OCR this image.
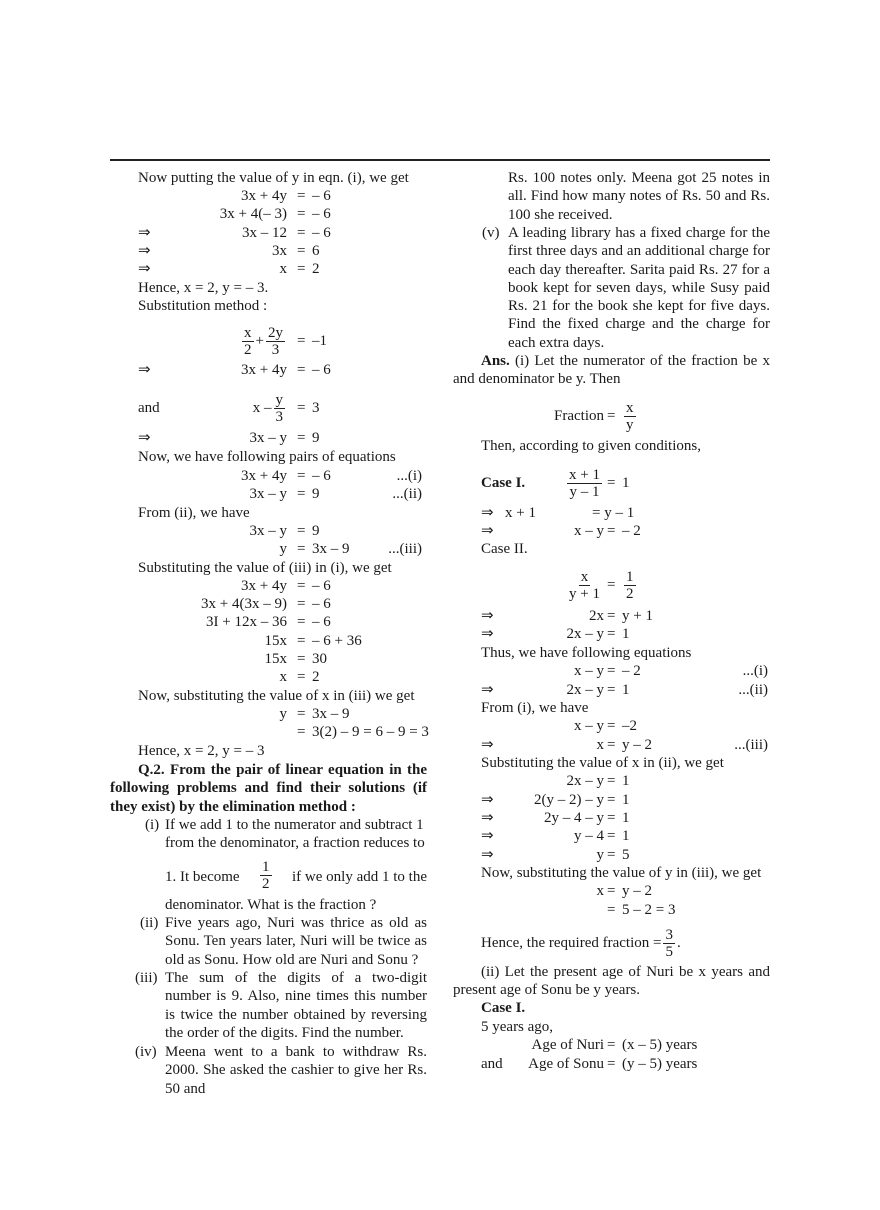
Now putting the value of y in eqn. (i), we get
3x + 4y = – 6
3x + 4(– 3) = – 6
⇒	3x – 12 = – 6
⇒	3x = 6
⇒	x = 2
Hence, x = 2, y = – 3.
Substitution method :
$\frac{x}{2} + \frac{2y}{3} = -1$
⇒	3x + 4y = – 6
and	$x - \frac{y}{3} = 3$
⇒	3x – y = 9
Now, we have following pairs of equations
3x + 4y = – 6	...(i)
3x – y = 9	...(ii)
From (ii), we have
3x – y = 9
y = 3x – 9	...(iii)
Substituting the value of (iii) in (i), we get
3x + 4y = – 6
3x + 4(3x – 9) = – 6
3I + 12x – 36 = – 6
15x = – 6 + 36
15x = 30
x = 2
Now, substituting the value of x in (iii) we get
y = 3x – 9
= 3(2) – 9 = 6 – 9 = 3
Hence, x = 2, y = – 3
Q.2. From the pair of linear equation in the following problems and find their solutions (if they exist) by the elimination method :
(i) If we add 1 to the numerator and subtract 1
from the denominator, a fraction reduces to
1. It become $\frac{1}{2}$ if we only add 1 to the
denominator. What is the fraction ?
(ii) Five years ago, Nuri was thrice as old as Sonu. Ten years later, Nuri will be twice as old as Sonu. How old are Nuri and Sonu ?
(iii) The sum of the digits of a two-digit number is 9. Also, nine times this number is twice the number obtained by reversing the order of the digits. Find the number.
(iv) Meena went to a bank to withdraw Rs. 2000. She asked the cashier to give her Rs. 50 and
Rs. 100 notes only. Meena got 25 notes in all. Find how many notes of Rs. 50 and Rs. 100 she received.
(v) A leading library has a fixed charge for the first three days and an additional charge for each day thereafter. Sarita paid Rs. 27 for a book kept for seven days, while Susy paid Rs. 21 for the book she kept for five days. Find the fixed charge and the charge for each extra days.
Ans. (i) Let the numerator of the fraction be x and denominator be y. Then
Fraction = $\frac{x}{y}$
Then, according to given conditions,
Case I.	$\frac{x + 1}{y - 1} = 1$
⇒ x + 1	= y – 1
⇒	x – y = – 2
Case II.
$\frac{x}{y + 1} = \frac{1}{2}$
⇒	2x = y + 1
⇒	2x – y = 1
Thus, we have following equations
x – y = – 2	...(i)
⇒	2x – y = 1	...(ii)
From (i), we have
x – y = –2
⇒	x = y – 2	...(iii)
Substituting the value of x in (ii), we get
2x – y = 1
⇒	2(y – 2) – y = 1
⇒	2y – 4 – y = 1
⇒	y – 4 = 1
⇒	y = 5
Now, substituting the value of y in (iii), we get
x = y – 2
= 5 – 2 = 3
Hence, the required fraction = $\frac{3}{5}$ .
(ii) Let the present age of Nuri be x years and present age of Sonu be y years.
Case I.
5 years ago,
Age of Nuri = (x – 5) years
and Age of Sonu = (y – 5) years
